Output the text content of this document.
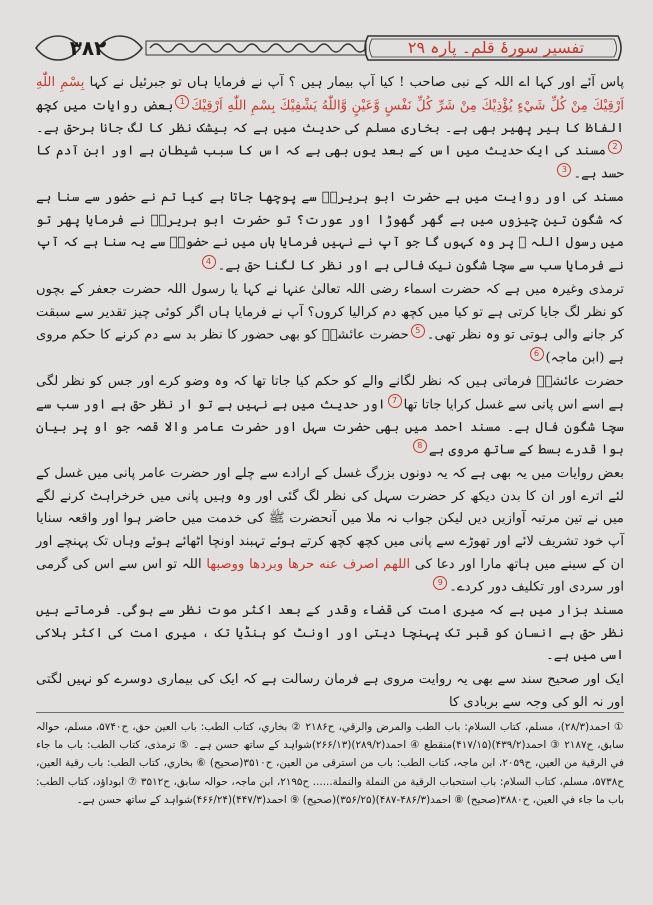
۳۸۲	تفسیر سورۂ قلم۔ پارہ ۲۹

پاس آئے اور کہا اے اللہ کے نبی صاحب ! کیا آپ بیمار ہیں ؟ آپ نے فرمایا ہاں تو جبرئیل نے کہا بِسْمِ اللّٰهِ اَرْقِيْكَ مِنْ كُلِّ شَيْءٍ يُؤْذِيْكَ مِنْ شَرِّ كُلِّ نَفْسٍ وَّعَيْنٍ وَّاللّٰهُ يَشْفِيْكَ بِسْمِ اللّٰهِ اَرْقِيْكَ1بعض روایات میں کچھ الفاظ کا ہیر پھیر بھی ہے۔ بخاری مسلم کی حدیث میں ہے کہ بیشک نظر کا لگ جانا برحق ہے۔2مسند کی ایک حدیث میں اس کے بعد یوں بھی ہے کہ اس کا سبب شیطان ہے اور ابن آدم کا حسد ہے۔3

مسند کی اور روایت میں ہے حضرت ابو ہریرہؓ سے پوچھا جاتا ہے کیا تم نے حضور سے سنا ہے کہ شگون تین چیزوں میں ہے گھر گھوڑا اور عورت؟ تو حضرت ابو ہریرہؓ نے فرمایا پھر تو میں رسول اللہ ﷺ پر وہ کہوں گا جو آپ نے نہیں فرمایا ہاں میں نے حضورؐ سے یہ سنا ہے کہ آپ نے فرمایا سب سے سچا شگون نیک فالی ہے اور نظر کا لگنا حق ہے۔4

ترمذی وغیرہ میں ہے کہ حضرت اسماء رضی اللہ تعالیٰ عنہا نے کہا یا رسول اللہ حضرت جعفر کے بچوں کو نظر لگ جایا کرتی ہے تو کیا میں کچھ دم کرالیا کروں؟ آپ نے فرمایا ہاں اگر کوئی چیز تقدیر سے سبقت کر جانے والی ہوتی تو وہ نظر تھی۔5حضرت عائشہؓ کو بھی حضور کا نظر بد سے دم کرنے کا حکم مروی ہے (ابن ماجہ)6

حضرت عائشہؓ فرماتی ہیں کہ نظر لگانے والے کو حکم کیا جاتا تھا کہ وہ وضو کرے اور جس کو نظر لگی ہے اسے اس پانی سے غسل کرایا جاتا تھا7اور حدیث میں ہے نہیں ہے تو ار نظر حق ہے اور سب سے سچا شگون فال ہے۔ مسند احمد میں بھی حضرت سہل اور حضرت عامر والا قصہ جو او پر بیان ہوا قدرے بسط کے ساتھ مروی ہے8

بعض روایات میں یہ بھی ہے کہ یہ دونوں بزرگ غسل کے ارادے سے چلے اور حضرت عامر پانی میں غسل کے لئے اترے اور ان کا بدن دیکھ کر حضرت سہل کی نظر لگ گئی اور وہ وہیں پانی میں خرخراہٹ کرنے لگے میں نے تین مرتبہ آوازیں دیں لیکن جواب نہ ملا میں آنحضرت ﷺ کی خدمت میں حاضر ہوا اور واقعہ سنایا آپ خود تشریف لائے اور تھوڑے سے پانی میں کچھ کچھ کرتے ہوئے تہبند اونچا اٹھائے ہوئے وہاں تک پہنچے اور ان کے سینے میں ہاتھ مارا اور دعا کی اللهم اصرف عنه حرها وبردها ووصبها اللہ تو اس سے اس کی گرمی اور سردی اور تکلیف دور کردے۔9

مسند بزار میں ہے کہ میری امت کی قضاء وقدر کے بعد اکثر موت نظر سے ہوگی۔ فرماتے ہیں نظر حق ہے انسان کو قبر تک پہنچا دیتی اور اونٹ کو ہنڈیا تک ، میری امت کی اکثر ہلاکی اسی میں ہے۔

ایک اور صحیح سند سے بھی یہ روایت مروی ہے فرمان رسالت ہے کہ ایک کی بیماری دوسرے کو نہیں لگتی اور نہ الو کی وجہ سے بربادی کا

① احمد(۲۸/۳)، مسلم، کتاب السلام: باب الطب والمرض والرقي، ح۲۱۸۶ ② بخاري، كتاب الطب: باب العين حق، ح۵۷۴۰، مسلم، حوالہ سابق، ح۲۱۸۷ ③ احمد(۴۳۹/۲)(۴۱۷/۱۵)منقطع ④ احمد(۲۸۹/۲)(۲۶۶/۱۳)شواہد کے ساتھ حسن ہے۔ ⑤ ترمذی، كتاب الطب: باب ما جاء في الرقية من العين، ح۲۰۵۹، ابن ماجہ، كتاب الطب: باب من استرقی من العين، ح۳۵۱۰(صحیح) ⑥ بخاري، كتاب الطب: باب رقية العين، ح۵۷۳۸، مسلم، كتاب السلام: باب استحباب الرقية من النملة والنملة...... ح۲۱۹۵، ابن ماجہ، حوالہ سابق، ح۳۵۱۲ ⑦ ابوداؤد، كتاب الطب: باب ما جاء في العين، ح۳۸۸۰(صحیح) ⑧ احمد(۴۸۶/۳-۴۸۷)(۳۵۶/۲۵)(صحیح) ⑨ احمد(۴۴۷/۳)(۴۶۶/۲۴)شواہد کے ساتھ حسن ہے۔
